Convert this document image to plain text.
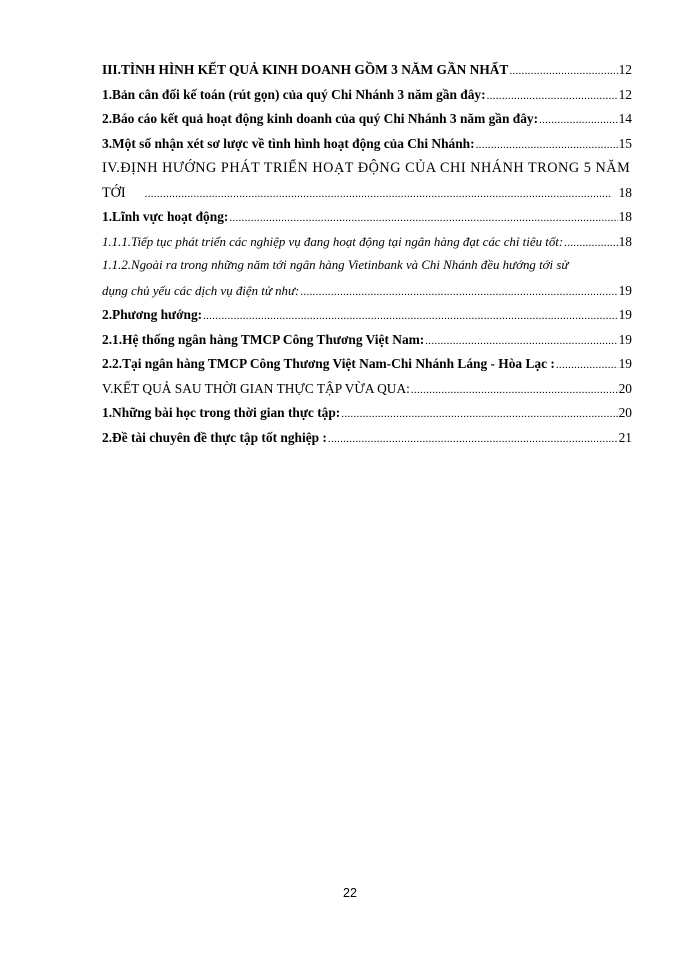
III.TÌNH HÌNH KẾT QUẢ KINH DOANH GỒM 3 NĂM GẦN NHẤT .....	12
1.Bản cân đối kế toán (rút gọn) của quý Chi Nhánh 3 năm gần đây: .....	12
2.Báo cáo kết quả hoạt động kinh doanh của quý Chi Nhánh 3 năm gần đây: .....	14
3.Một số nhận xét sơ lược về tình hình hoạt động của Chi Nhánh: .....	15
IV.ĐỊNH HƯỚNG PHÁT TRIỂN HOẠT ĐỘNG CỦA CHI NHÁNH TRONG 5 NĂM
TỚI .....	18
1.Lĩnh vực hoạt động: .....	18
1.1.1.Tiếp tục phát triển các nghiệp vụ đang hoạt động tại ngân hàng đạt các chỉ tiêu tốt: .....	18
1.1.2.Ngoài ra trong những năm tới ngân hàng Vietinbank và Chi Nhánh đều hướng tới sử
dụng chủ yếu các dịch vụ điện tử như: .....	19
2.Phương hướng: .....	19
2.1.Hệ thống ngân hàng TMCP Công Thương Việt Nam: .....	19
2.2.Tại ngân hàng TMCP Công Thương Việt Nam-Chi Nhánh Láng - Hòa Lạc : .....	19
V.KẾT QUẢ SAU THỜI GIAN THỰC TẬP VỪA QUA: .....	20
1.Những bài học trong thời gian thực tập: .....	20
2.Đề tài chuyên đề thực tập tốt nghiệp : .....	21
22
